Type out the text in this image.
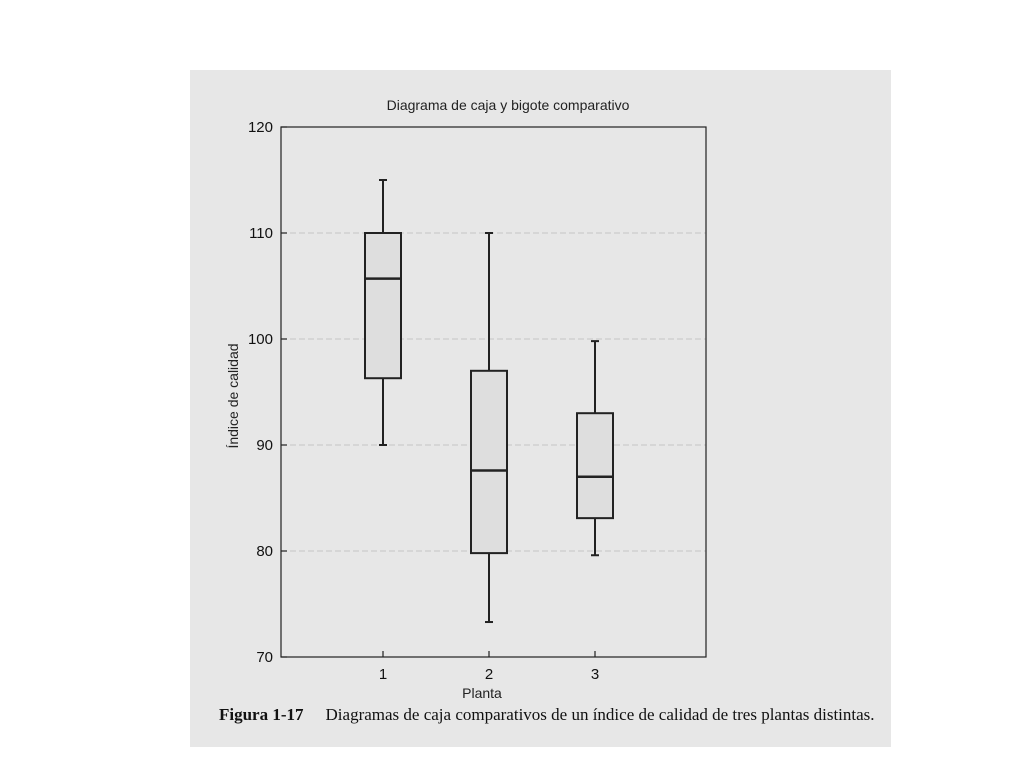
Diagrama de caja y bigote comparativo
70
80
90
100
110
120
1	2	3
Planta
Índice de calidad
Figura 1-17 Diagramas de caja comparativos de un índice de calidad de tres plantas distintas.
